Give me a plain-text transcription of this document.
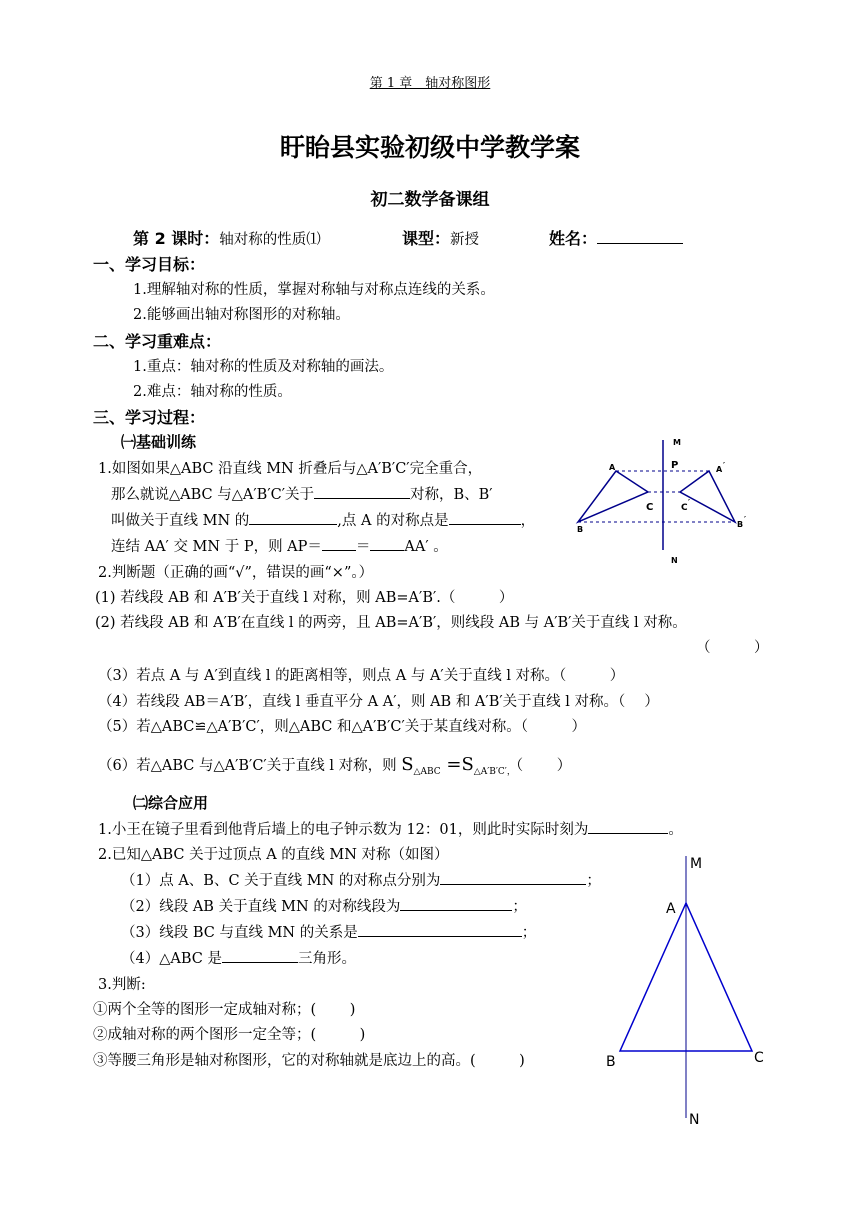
第 1 章　轴对称图形
盱眙县实验初级中学教学案
初二数学备课组
第 2 课时：轴对称的性质⑴	课型：新授	姓名：
一、学习目标：
1.理解轴对称的性质，掌握对称轴与对称点连线的关系。
2.能够画出轴对称图形的对称轴。
二、学习重难点：
1.重点：轴对称的性质及对称轴的画法。
2.难点：轴对称的性质。
三、学习过程：
㈠基础训练
1.如图如果△ABC 沿直线 MN 折叠后与△A′B′C′完全重合，
那么就说△ABC 与△A′B′C′关于	对称，B、B′
叫做关于直线 MN 的	,点 A 的对称点是	，
连结 AA′ 交 MN 于 P，则 AP＝ ＝ AA′ 。
2.判断题（正确的画“√”，错误的画“×”。）
(1) 若线段 AB 和 A′B′关于直线 l 对称，则 AB=A′B′.（　　　）
(2) 若线段 AB 和 A′B′在直线 l 的两旁，且 AB=A′B′，则线段 AB 与 A′B′关于直线 l 对称。
（　　　）
（3）若点 A 与 A′到直线 l 的距离相等，则点 A 与 A′关于直线 l 对称。（　　　）
（4）若线段 AB＝A′B′，直线 l 垂直平分 A A′，则 AB 和 A′B′关于直线 l 对称。（　 ）
（5）若△ABC≌△A′B′C′，则△ABC 和△A′B′C′关于某直线对称。（　　　）
（6）若△ABC 与△A′B′C′关于直线 l 对称，则 $S_{\triangle ABC} =S_{\triangle A'B'C',}$（　　 ）
㈡综合应用
1.小王在镜子里看到他背后墙上的电子钟示数为 12：01，则此时实际时刻为	。
2.已知△ABC 关于过顶点 A 的直线 MN 对称（如图）
（1）点 A、B、C 关于直线 MN 的对称点分别为	；
（2）线段 AB 关于直线 MN 的对称线段为	；
（3）线段 BC 与直线 MN 的关系是	；
（4）△ABC 是	三角形。
3.判断:
①两个全等的图形一定成轴对称；(　　 )
②成轴对称的两个图形一定全等；(　　　)
③等腰三角形是轴对称图形，它的对称轴就是底边上的高。(　　　)
M
P
A
C
B
A ′
C
′
B
′
N
M
A
B	C
N
